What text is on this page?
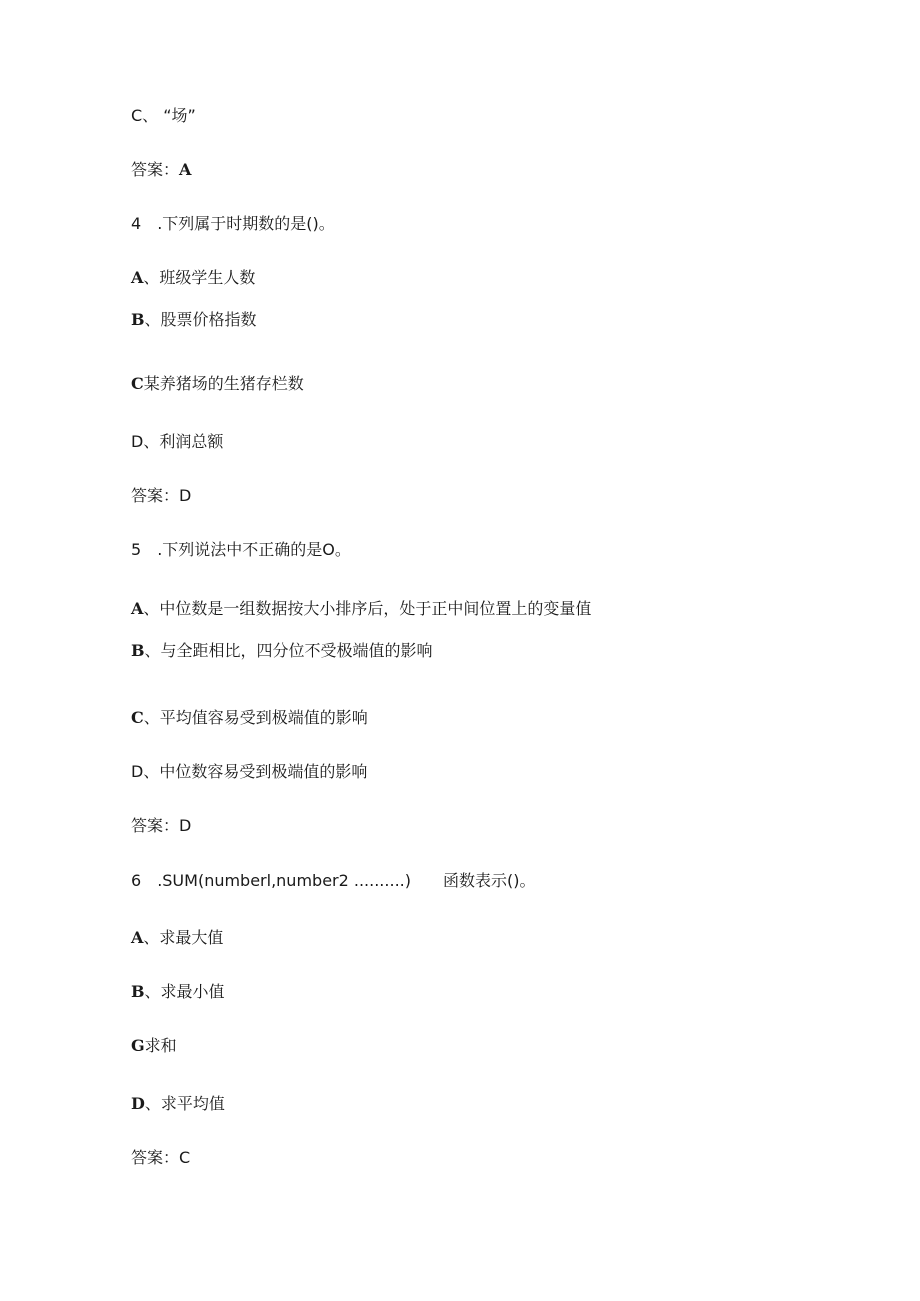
C、 “场”
答案：A
4 .下列属于时期数的是()。
A、班级学生人数
B、股票价格指数
C某养猪场的生猪存栏数
D、利润总额
答案：D
5 .下列说法中不正确的是O。
A、中位数是一组数据按大小排序后，处于正中间位置上的变量值
B、与全距相比，四分位不受极端值的影响
C、平均值容易受到极端值的影响
D、中位数容易受到极端值的影响
答案：D
6 .SUM(numberl,number2 ..........) 函数表示()。
A、求最大值
B、求最小值
G求和
D、求平均值
答案：C
